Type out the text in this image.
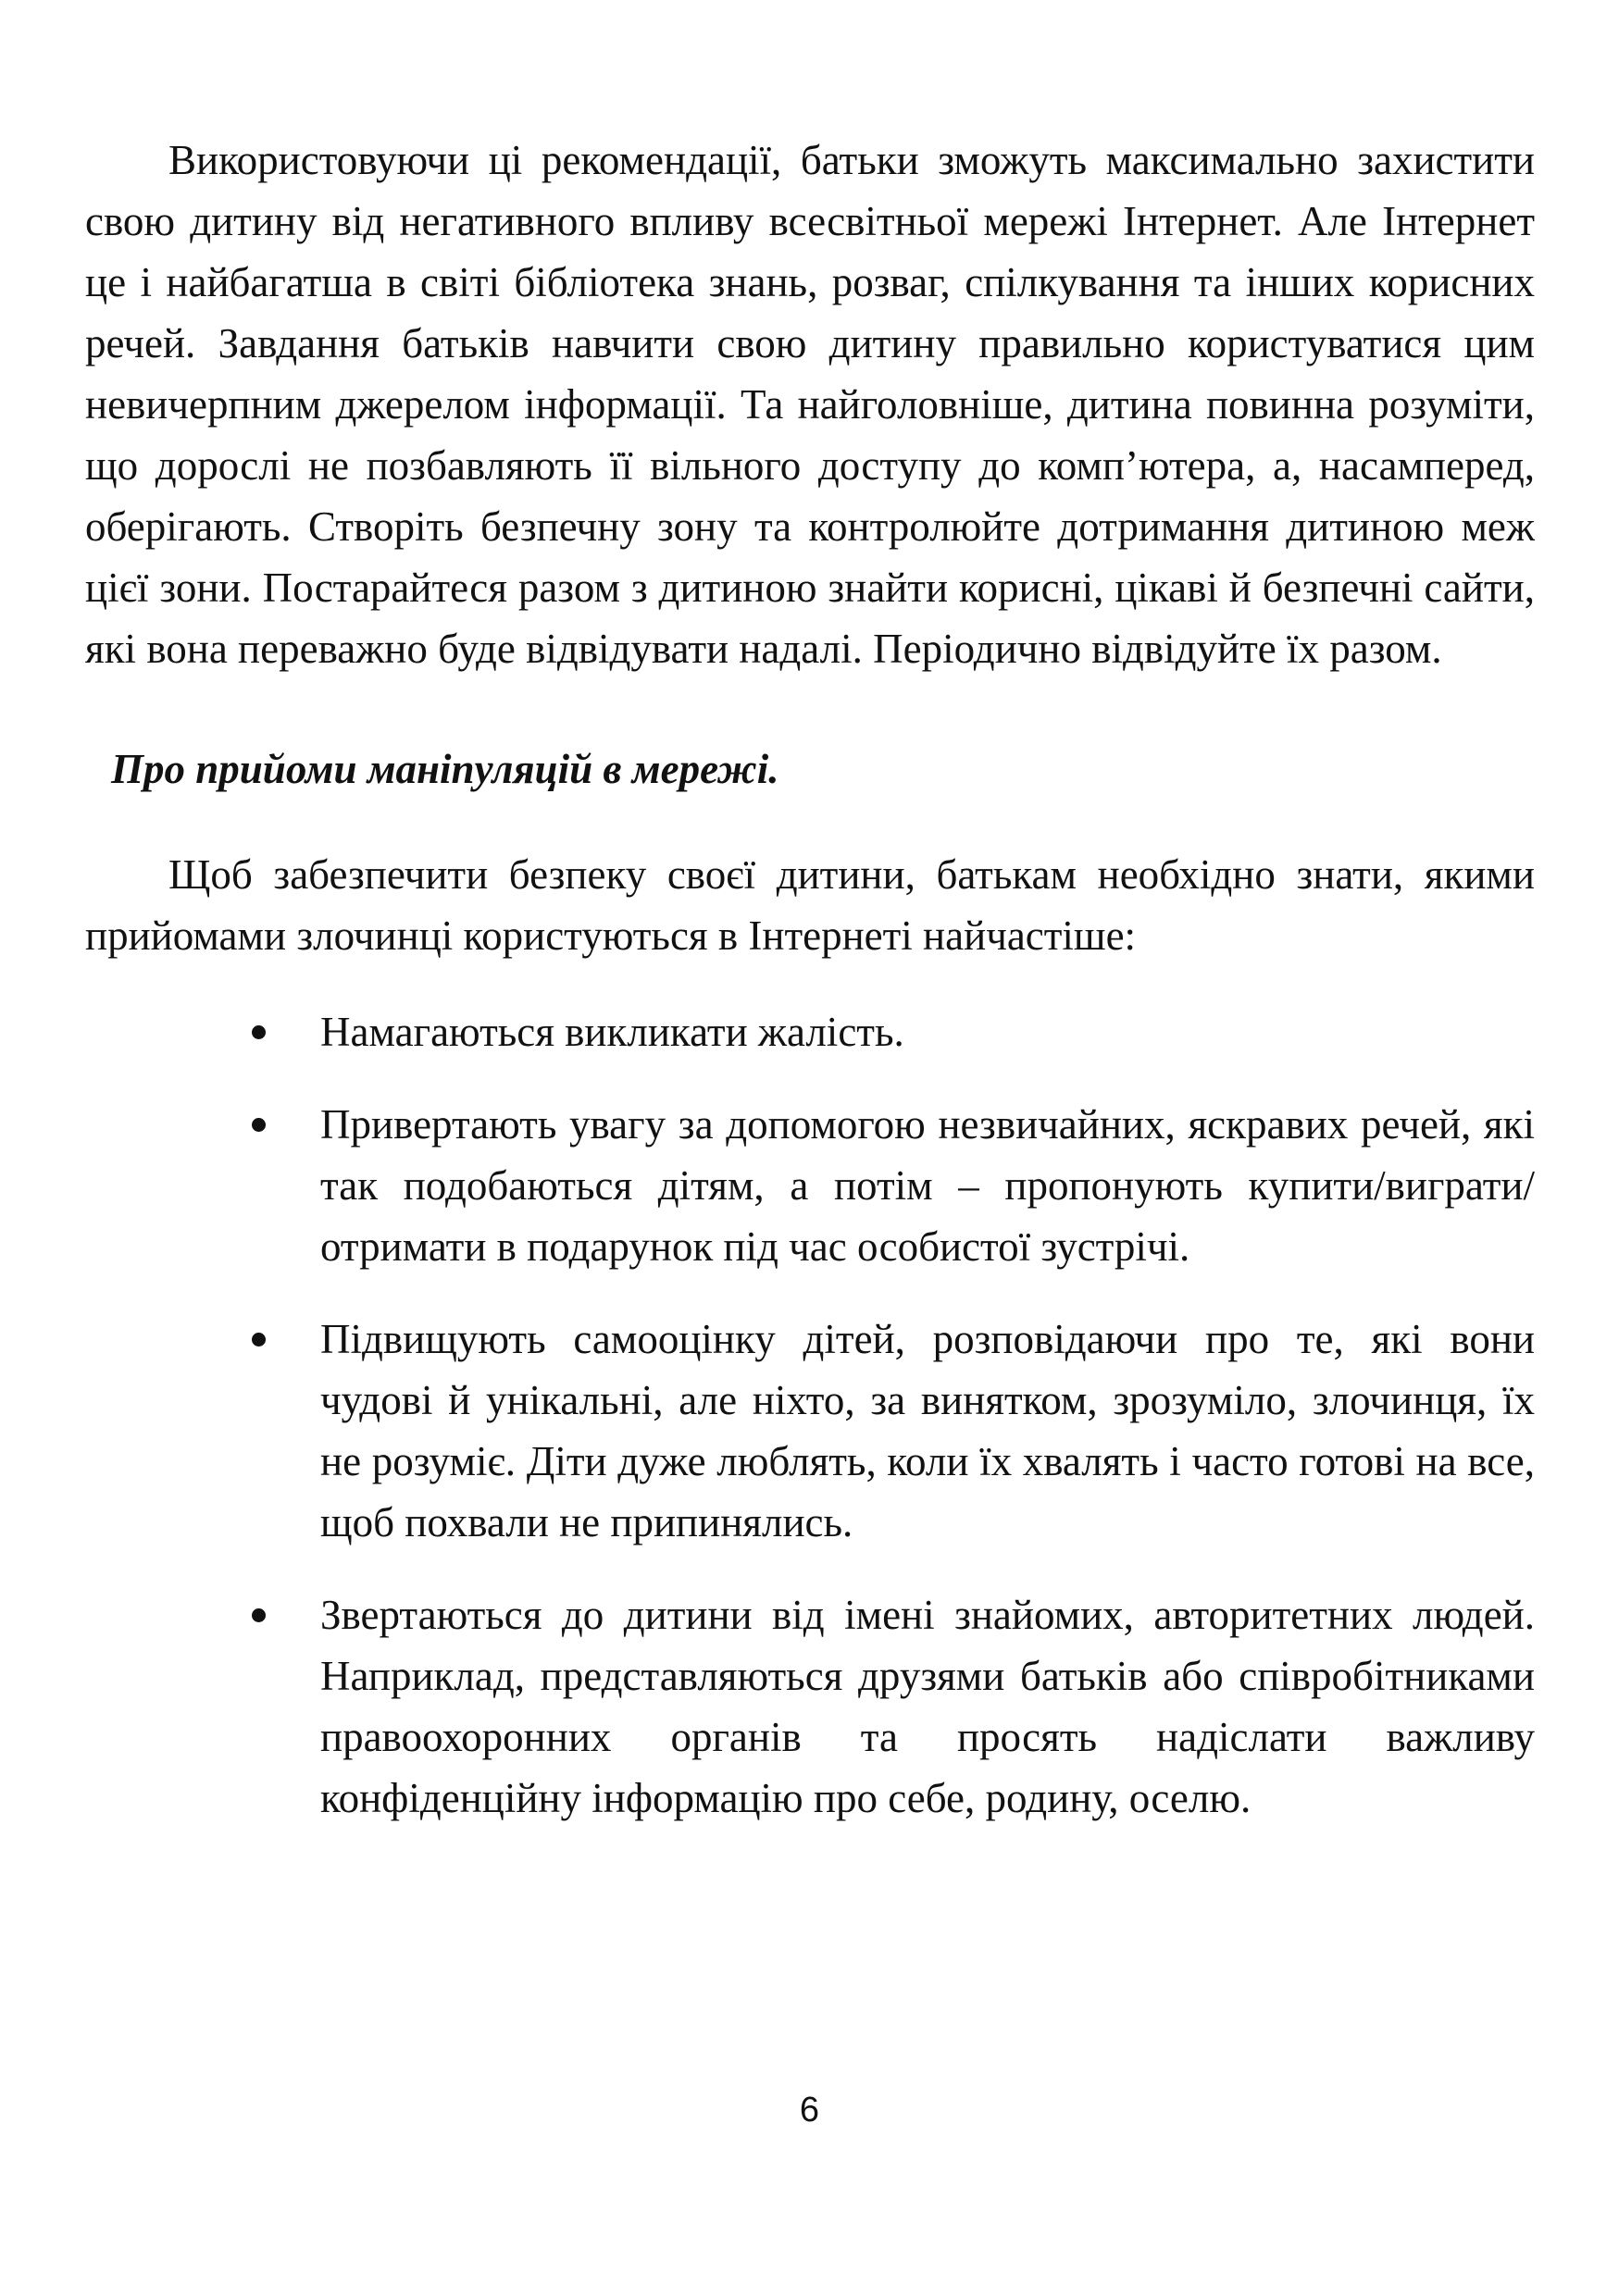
Використовуючи ці рекомендації, батьки зможуть максимально захистити свою дитину від негативного впливу всесвітньої мережі Інтернет. Але Інтернет це і найбагатша в світі бібліотека знань, розваг, спілкування та інших корисних речей. Завдання батьків навчити свою дитину правильно користуватися цим невичерпним джерелом інформації. Та найголовніше, дитина повинна розуміти, що дорослі не позбавляють її вільного доступу до комп’ютера, а, насамперед, оберігають. Створіть безпечну зону та контролюйте дотримання дитиною меж цієї зони. Постарайтеся разом з дитиною знайти корисні, цікаві й безпечні сайти, які вона переважно буде відвідувати надалі. Періодично відвідуйте їх разом.

Про прийоми маніпуляцій в мережі.

Щоб забезпечити безпеку своєї дитини, батькам необхідно знати, якими прийомами злочинці користуються в Інтернеті найчастіше:

Намагаються викликати жалість.
Привертають увагу за допомогою незвичайних, яскравих речей, які так подобаються дітям, а потім – пропонують купити/виграти/отримати в подарунок під час особистої зустрічі.
Підвищують самооцінку дітей, розповідаючи про те, які вони чудові й унікальні, але ніхто, за винятком, зрозуміло, злочинця, їх не розуміє. Діти дуже люблять, коли їх хвалять і часто готові на все, щоб похвали не припинялись.
Звертаються до дитини від імені знайомих, авторитетних людей. Наприклад, представляються друзями батьків або співробітниками правоохоронних органів та просять надіслати важливу конфіденційну інформацію про себе, родину, оселю.
6
